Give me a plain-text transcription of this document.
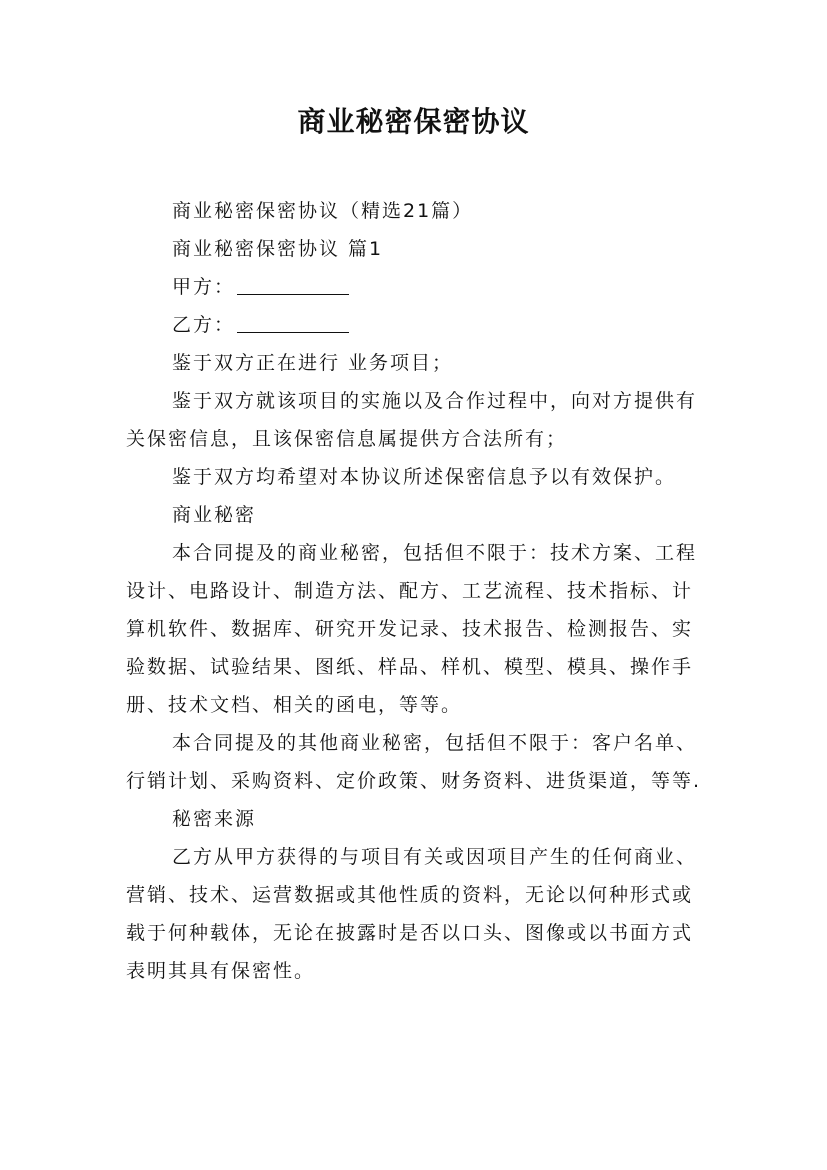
商业秘密保密协议

商业秘密保密协议（精选21篇）

商业秘密保密协议 篇1

甲方：

乙方：

鉴于双方正在进行 业务项目；

鉴于双方就该项目的实施以及合作过程中，向对方提供有关保密信息，且该保密信息属提供方合法所有；

鉴于双方均希望对本协议所述保密信息予以有效保护。

商业秘密

本合同提及的商业秘密，包括但不限于：技术方案、工程设计、电路设计、制造方法、配方、工艺流程、技术指标、计算机软件、数据库、研究开发记录、技术报告、检测报告、实验数据、试验结果、图纸、样品、样机、模型、模具、操作手册、技术文档、相关的函电，等等。

本合同提及的其他商业秘密，包括但不限于：客户名单、行销计划、采购资料、定价政策、财务资料、进货渠道，等等.

秘密来源

乙方从甲方获得的与项目有关或因项目产生的任何商业、营销、技术、运营数据或其他性质的资料，无论以何种形式或载于何种载体，无论在披露时是否以口头、图像或以书面方式表明其具有保密性。
